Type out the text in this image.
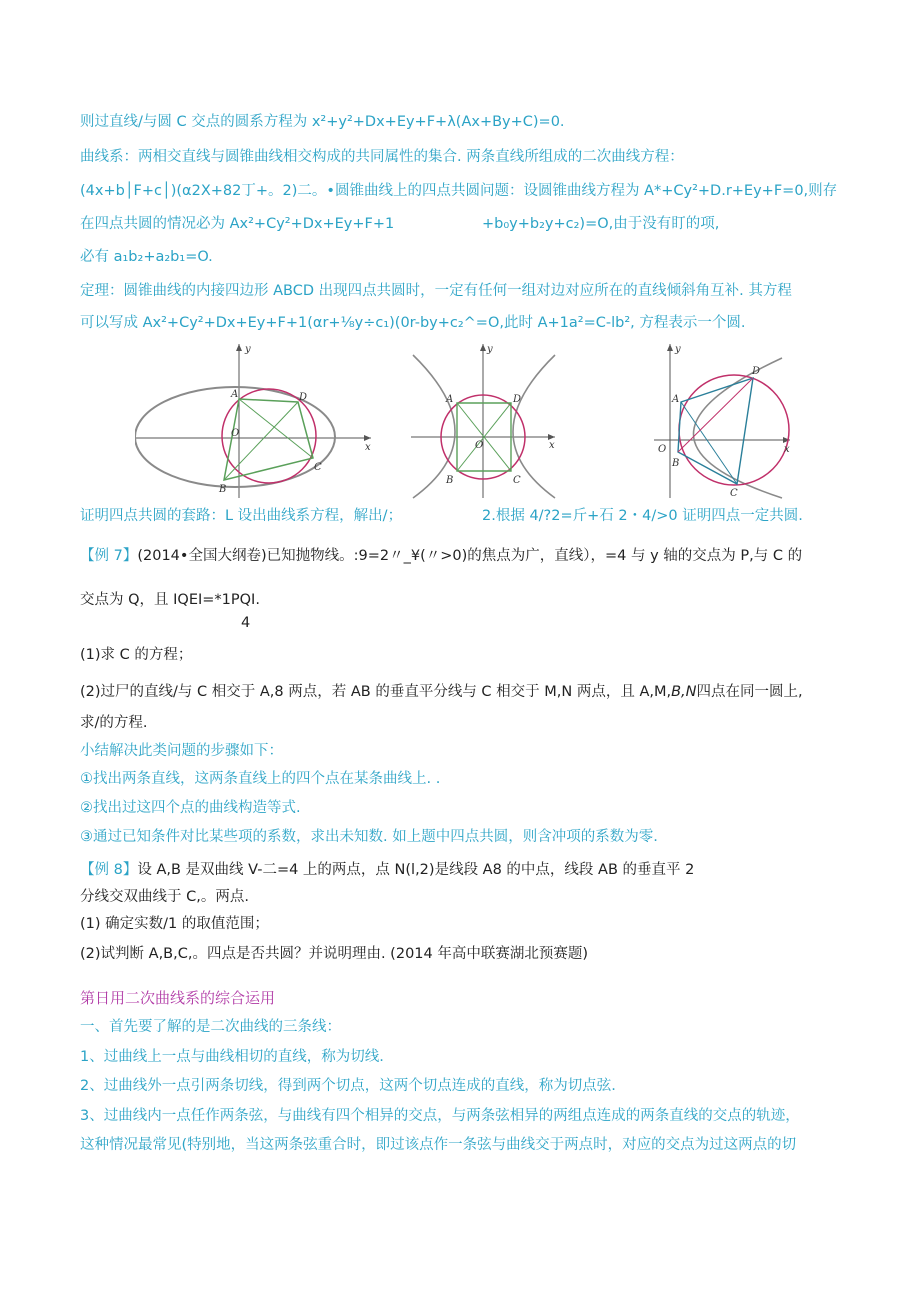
则过直线/与圆 C 交点的圆系方程为 x²+y²+Dx+Ey+F+λ(Ax+By+C)=0.
曲线系：两相交直线与圆锥曲线相交构成的共同属性的集合. 两条直线所组成的二次曲线方程：
(4x+b│F+c│)(α2X+82丁+。2)二。•圆锥曲线上的四点共圆问题：设圆锥曲线方程为 A*+Cy²+D.r+Ey+F=0,则存
在四点共圆的情况必为 Ax²+Cy²+Dx+Ey+F+1	+b₀y+b₂y+c₂)=O,由于没有盯的项,
必有 a₁b₂+a₂b₁=O.
定理：圆锥曲线的内接四边形 ABCD 出现四点共圆时，一定有任何一组对边对应所在的直线倾斜角互补. 其方程
可以写成 Ax²+Cy²+Dx+Ey+F+1(αr+⅛y÷c₁)(0r-by+c₂^=O,此时 A+1a²=C-lb², 方程表示一个圆.
y
A	D
O
B
C
x
y
A	D
O
B	C
x
y
D
A
O
B
C
x
证明四点共圆的套路：L 设出曲线系方程，解出/；	2.根据 4/?2=斤+石 2・4/>0 证明四点一定共圆.
【例 7】(2014•全国大纲卷)已知抛物线。:9=2〃_¥(〃>0)的焦点为广，直线），=4 与 y 轴的交点为 P,与 C 的
交点为 Q，且 IQEI=*1PQI.
4
(1)求 C 的方程；
(2)过尸的直线/与 C 相交于 A,8 两点，若 AB 的垂直平分线与 C 相交于 M,N 两点，且 A,M,B,N四点在同一圆上,
求/的方程.
小结解决此类问题的步骤如下：
①找出两条直线，这两条直线上的四个点在某条曲线上. .
②找出过这四个点的曲线构造等式.
③通过已知条件对比某些项的系数，求出未知数. 如上题中四点共圆，则含冲项的系数为零.
【例 8】设 A,B 是双曲线 V-二=4 上的两点，点 N(l,2)是线段 A8 的中点，线段 AB 的垂直平 2
分线交双曲线于 C,。两点.
(1) 确定实数/1 的取值范围；
(2)试判断 A,B,C,。四点是否共圆？并说明理由. (2014 年高中联赛湖北预赛题)
第日用二次曲线系的综合运用
一、首先要了解的是二次曲线的三条线：
1、过曲线上一点与曲线相切的直线，称为切线.
2、过曲线外一点引两条切线，得到两个切点，这两个切点连成的直线，称为切点弦.
3、过曲线内一点任作两条弦，与曲线有四个相异的交点，与两条弦相异的两组点连成的两条直线的交点的轨迹，
这种情况最常见(特别地，当这两条弦重合时，即过该点作一条弦与曲线交于两点时，对应的交点为过这两点的切
